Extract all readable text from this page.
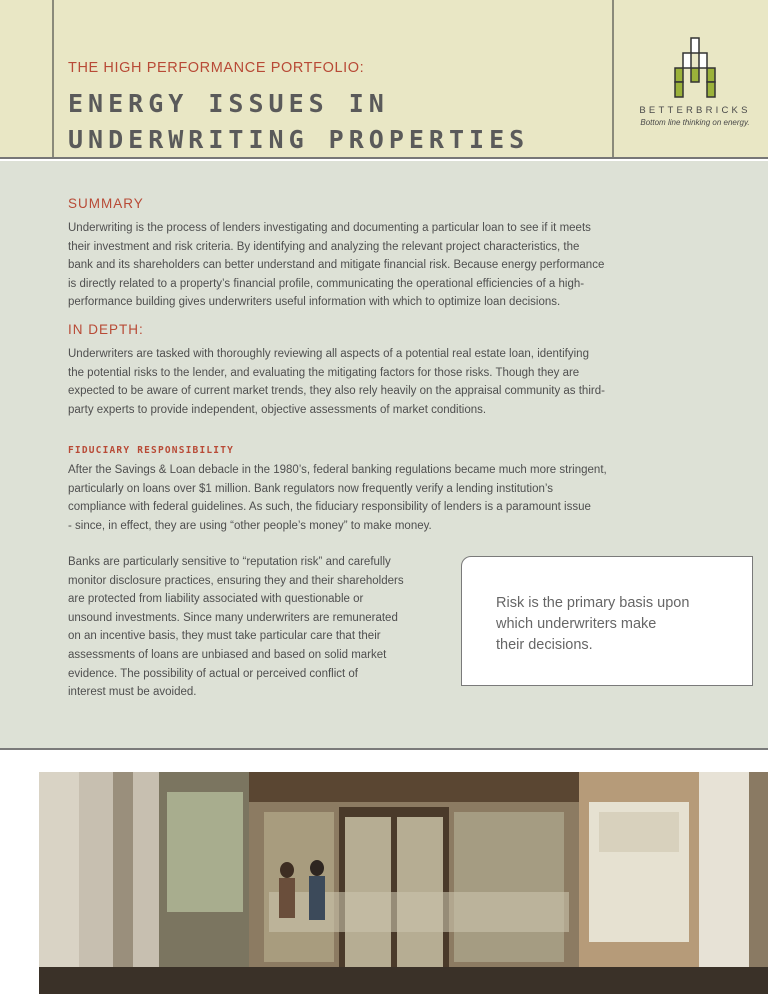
THE HIGH PERFORMANCE PORTFOLIO:
ENERGY ISSUES IN
UNDERWRITING PROPERTIES
BETTERBRICKS
Bottom line thinking on energy.
SUMMARY
Underwriting is the process of lenders investigating and documenting a particular loan to see if it meets
their investment and risk criteria. By identifying and analyzing the relevant project characteristics, the
bank and its shareholders can better understand and mitigate financial risk. Because energy performance
is directly related to a property’s financial profile, communicating the operational efficiencies of a high-
performance building gives underwriters useful information with which to optimize loan decisions.
IN DEPTH:
Underwriters are tasked with thoroughly reviewing all aspects of a potential real estate loan, identifying
the potential risks to the lender, and evaluating the mitigating factors for those risks. Though they are
expected to be aware of current market trends, they also rely heavily on the appraisal community as third-
party experts to provide independent, objective assessments of market conditions.
FIDUCIARY RESPONSIBILITY
After the Savings & Loan debacle in the 1980’s, federal banking regulations became much more stringent,
particularly on loans over $1 million. Bank regulators now frequently verify a lending institution’s
compliance with federal guidelines. As such, the fiduciary responsibility of lenders is a paramount issue
- since, in effect, they are using “other people’s money” to make money.
Banks are particularly sensitive to “reputation risk” and carefully
monitor disclosure practices, ensuring they and their shareholders
are protected from liability associated with questionable or
unsound investments. Since many underwriters are remunerated
on an incentive basis, they must take particular care that their
assessments of loans are unbiased and based on solid market
evidence. The possibility of actual or perceived conflict of
interest must be avoided.
Risk is the primary basis upon
which underwriters make
their decisions.
